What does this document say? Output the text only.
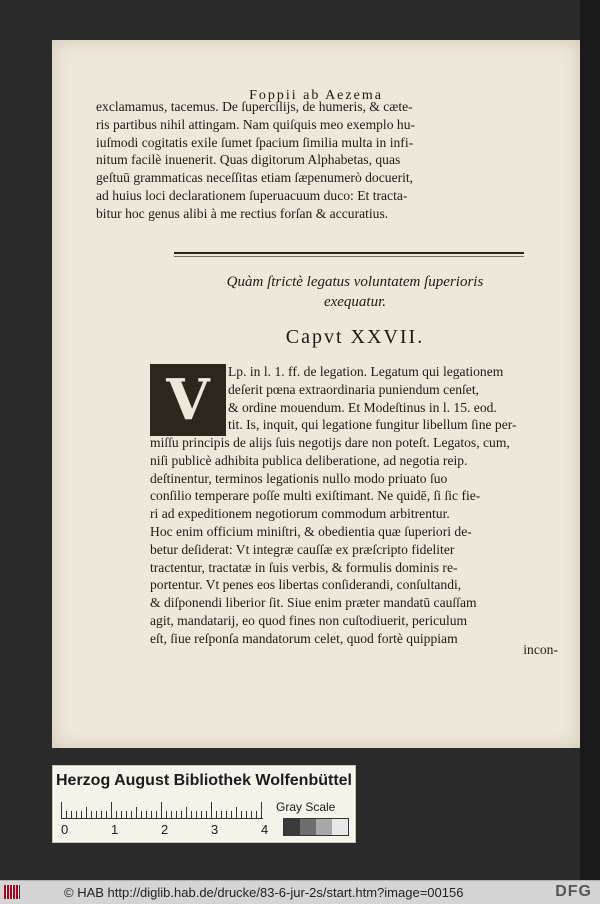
Foppii ab Aezema
exclamamus, tacemus. De ſupercilijs, de humeris, & cæte-
ris partibus nihil attingam. Nam quiſquis meo exemplo hu-
iuſmodi cogitatis exile ſumet ſpacium ſimilia multa in infi-
nitum facilè inuenerit. Quas digitorum Alphabetas, quas
geſtuū grammaticas neceſſitas etiam ſæpenumerò docuerit,
ad huius loci declarationem ſuperuacuum duco: Et tracta-
bitur hoc genus alibi à me rectius forſan & accuratius.
Quàm ſtrictè legatus voluntatem ſuperioris
exequatur.
Capvt XXVII.
V	Lp. in l. 1. ff. de legation. Legatum qui legationem
deſerit pœna extraordinaria puniendum cenſet,
& ordine mouendum. Et Modeſtinus in l. 15. eod.
tit. Is, inquit, qui legatione fungitur libellum ſine per-
miſſu principis de alijs ſuis negotijs dare non poteſt. Legatos, cum,
niſi publicè adhibita publica deliberatione, ad negotia reip.
deſtinentur, terminos legationis nullo modo priuato ſuo
conſilio temperare poſſe multi exiſtimant. Ne quidē, ſi ſic fie-
ri ad expeditionem negotiorum commodum arbitrentur.
Hoc enim officium miniſtri, & obedientia quæ ſuperiori de-
betur deſiderat: Vt integræ cauſſæ ex præſcripto fideliter
tractentur, tractatæ in ſuis verbis, & formulis dominis re-
portentur. Vt penes eos libertas conſiderandi, conſultandi,
& diſponendi liberior ſit. Siue enim præter mandatū cauſſam
agit, mandatarij, eo quod fines non cuſtodiuerit, periculum
eſt, ſiue reſponſa mandatorum celet, quod fortè quippiam
incon-
Herzog August Bibliothek Wolfenbüttel
0	1	2	3	4
Gray Scale
© HAB http://diglib.hab.de/drucke/83-6-jur-2s/start.htm?image=00156	DFG
